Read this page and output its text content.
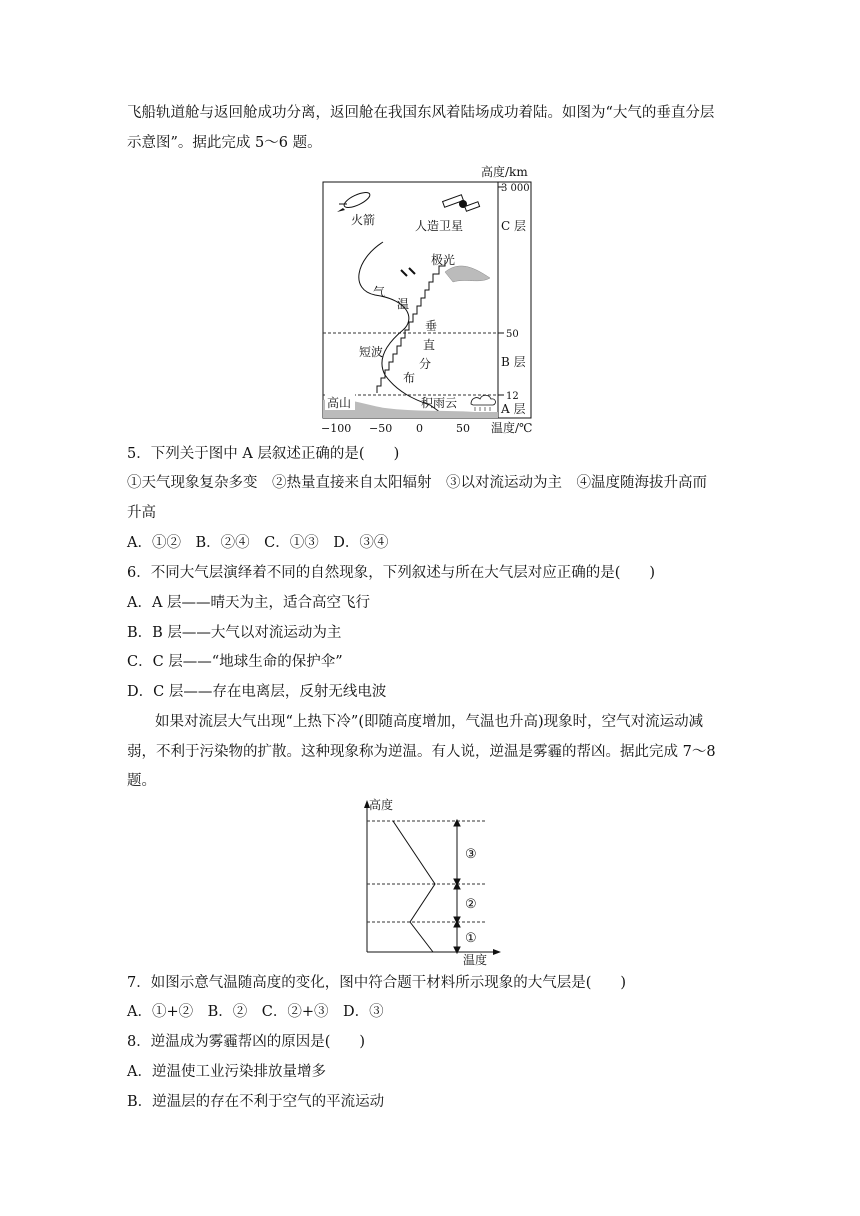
飞船轨道舱与返回舱成功分离，返回舱在我国东风着陆场成功着陆。如图为“大气的垂直分层
示意图”。据此完成 5～6 题。
高度/km
3 000
50
12
C 层
B 层
A 层
火箭	人造卫星
极光
气
温
垂
直
分
布
短波
高山	积雨云
−100 −50 0	50 温度/℃
5．下列关于图中 A 层叙述正确的是(　　)
①天气现象复杂多变　②热量直接来自太阳辐射　③以对流运动为主　④温度随海拔升高而
升高
A．①②　B．②④　C．①③　D．③④
6．不同大气层演绎着不同的自然现象，下列叙述与所在大气层对应正确的是(　　)
A．A 层——晴天为主，适合高空飞行
B．B 层——大气以对流运动为主
C．C 层——“地球生命的保护伞”
D．C 层——存在电离层，反射无线电波
如果对流层大气出现“上热下冷”(即随高度增加，气温也升高)现象时，空气对流运动减
弱，不利于污染物的扩散。这种现象称为逆温。有人说，逆温是雾霾的帮凶。据此完成 7～8
题。
高度
温度
③
②
①
7．如图示意气温随高度的变化，图中符合题干材料所示现象的大气层是(　　)
A．①+②　B．②　C．②+③　D．③
8．逆温成为雾霾帮凶的原因是(　　)
A．逆温使工业污染排放量增多
B．逆温层的存在不利于空气的平流运动
